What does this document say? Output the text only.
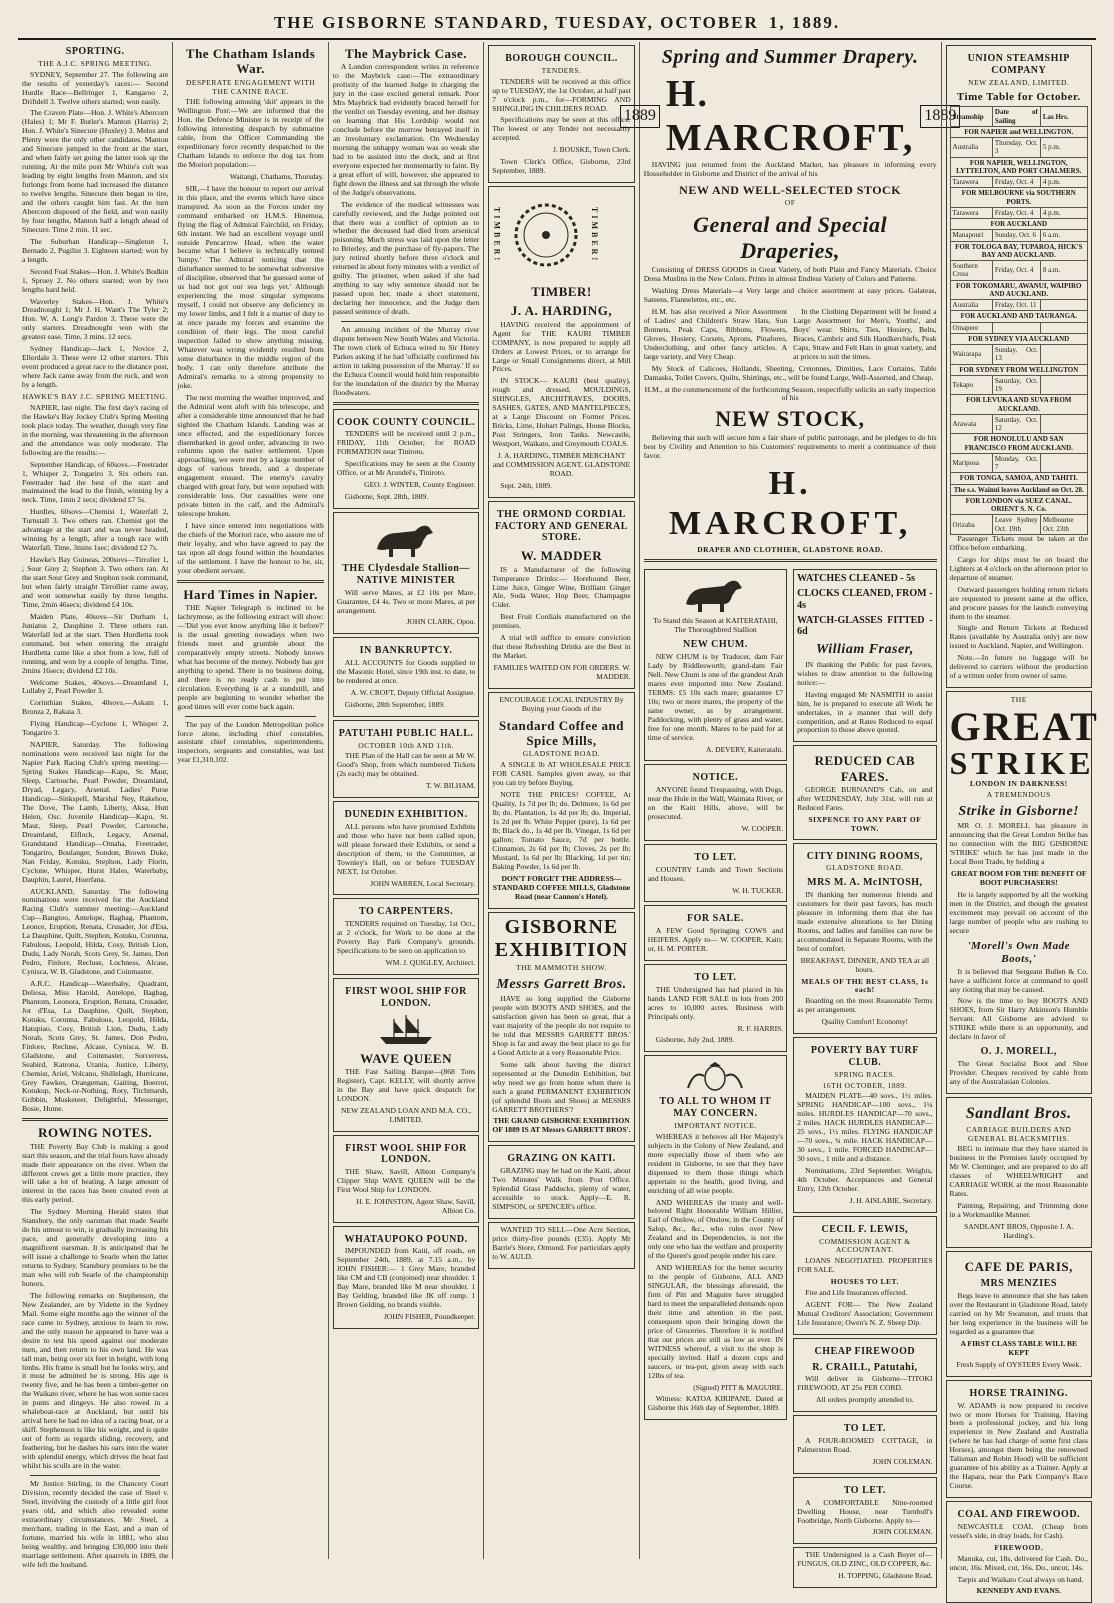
THE GISBORNE STANDARD, TUESDAY, OCTOBER 1, 1889.
SPORTING.
THE A.J.C. SPRING MEETING.

SYDNEY, September 27. The following are the results of yesterday's races:— Second Hurdle Race—Bellringer 1, Kangaroo 2, Driftdell 3. Twelve others started; won easily.

The Craven Plate—Hon. J. White's Abercorn (Hales) 1; Mr F. Butler's Manton (Harris) 2; Hon. J. White's Sinecure (Huxley) 3. Melos and Plenty were the only other candidates. Manton and Sinecure jumped to the front at the start, and when fairly set going the latter took up the running. At the mile post Mr White's colt was leading by eight lengths from Manton, and six furlongs from home had increased the distance to twelve lengths. Sinecure then began to tire, and the others caught him fast. At the turn Abercorn disposed of the field, and won easily by four lengths, Manton half a length ahead of Sinecure. Time 2 min. 11 sec.

The Suburban Handicap—Singleton 1, Bernado 2, Pugilist 3. Eighteen started; won by a length.

Second Foal Stakes—Hon. J. White's Bodkin 1, Spruey 2. No others started; won by two lengths hard held.

Waverley Stakes—Hon. J. White's Dreadnought 1; Mr J. H. Want's The Tyler 2; Hon. W. A. Long's Pardon 3. These were the only starters. Dreadnought won with the greatest ease. Time, 3 mins. 12 secs.

Sydney Handicap—Jack 1, Novice 2, Ellerdale 3. These were 12 other starters. This event produced a great race to the distance post, where Jack came away from the ruck, and won by a length.

HAWKE'S BAY J.C. SPRING MEETING.

NAPIER, last night. The first day's racing of the Hawke's Bay Jockey Club's Spring Meeting took place today. The weather, though very fine in the morning, was threatening in the afternoon and the attendance was only moderate. The following are the results:—

September Handicap, of 60sovs.—Freetrader 1, Whisper 2, Tongariro 3. Six others ran. Freetrader had the best of the start and maintained the lead to the finish, winning by a neck. Time, 1min 2 secs; dividend £7 5s.

Hurdles, 60sovs—Chemist 1, Waterfall 2, Turnstall 3. Two others ran. Chemist got the advantage at the start and was never headed, winning by a length, after a tough race with Waterfall. Time, 3mins 1sec; dividend £2 7s.

Hawke's Bay Guineas, 200sovs—Tirrolier 1, ; Sour Grey 2; Stephon 3. Two others ran. At the start Sour Grey and Stephon took command, but when fairly straight Tirrollier came away, and won somewhat easily by three lengths. Time, 2min 46secs; dividend £4 10s.

Maiden Plate, 40sovs—Sir Durham 1, Juniatus 2, Dauphine 3. Three others ran. Waterfall led at the start. Then Hurdletta took command, but when entering the straight Hurdletta came like a shot from a low, full of running, and won by a couple of lengths. Time, 2mins 16secs; dividend £2 10s.

Welcome Stakes, 40sovs.—Dreamland 1, Lullaby 2, Pearl Powder 3.

Corinthian Stakes, 40sovs.—Askam 1, Bronza 2, Rakaia 3.

Flying Handicap—Cyclone 1, Whisper 2, Tongariro 3.

NAPIER, Saturday. The following nominations were received last night for the Napier Park Racing Club's spring meeting:—Spring Stakes Handicap—Kapu, St. Maur, Sleep, Cartouche, Pearl Powder, Dreamland, Dryad, Legacy, Arsenal. Ladies' Purse Handicap—Sinkspell, Marshal Ney, Rakehou, The Dove, The Lamb, Liberty, Aksa, Hutt Helen, Osc. Juvenile Handicap—Kapu, St. Maur, Sleep, Pearl Powder, Cartouche, Dreamland, Elflock, Legacy, Arsenal, Grandstand Handicap—Omaha, Freetrader, Tongariro, Boulanger, Sondon, Brown Duke, Nan Friday, Kotuku, Stephon, Lady Florin, Cyclone, Whisper, Hurst Hales, Waterbaby, Dauphin, Laurel, Huerfana.

AUCKLAND, Saturday. The following nominations were received for the Auckland Racing Club's summer meeting:—Auckland Cup—Bangtoo, Antelope, Bagbag, Phantom, Leonce, Eruption, Renata, Crusader, Jot d'Esa, La Dauphine, Quilt, Stephon, Kotuku, Corunna, Fabulous, Leopold, Hilda, Cosy, British Lion, Dudu, Lady Norah, Scots Grey, St. James, Don Pedro, Finlore, Recluse, Lochness, Alcase, Cynisca, W. B. Gladstone, and Coinmaster.

A.R.C. Handicap—Waterbaby, Quadrant, Deliosa, Miss Harold, Antelope, Bagbag, Phantom, Leonora, Eruption, Renata, Crusader, Jot d'Esa, La Dauphine, Quilt, Stephon, Kotuku, Corunna, Fabulous, Leopold, Hilda, Hatupiao, Cosy, British Lion, Dudu, Lady Norah, Scots Grey, St. James, Don Pedro, Finlore, Recluse, Alcase, Cynisca, W. B. Gladstone, and Coinmaster, Sorcerress, Seabird, Katrona, Urania, Justice, Liberty, Chemist, Ariel, Volcano, Shillelagh, Hurricane, Grey Fawkes, Orangeman, Gaiting, Boerrot, Kotukup, Neck-or-Nothing, Rory, Titchmarsh, Gribbin, Musketeer, Delightful, Messenger, Bosie, Hume.

ROWING NOTES.

THE Poverty Bay Club is making a good start this season, and the trial fours have already made their appearance on the river. When the different crews get a little more practice, they will take a lot of beating. A large amount of interest in the races has been created even at this early period.

The Sydney Morning Herald states that Stansbury, the only oarsman that made Searle do his utmost to win, is gradually increasing his pace, and generally developing into a magnificent oarsman. It is anticipated that he will issue a challenge to Searle when the latter returns to Sydney. Stansbury promises to be the man who will rob Searle of the championship honors.

The following remarks on Stephenson, the New Zealander, are by Vidette in the Sydney Mail. Some eight months ago the winner of the race came to Sydney, anxious to learn to row, and the only reason he appeared to have was a desire to test his speed against our moderate men, and then return to his own land. He was tall man, being over six feet in height, with long limbs. His frame is small but he looks wiry, and it must be admitted he is strong. His age is twenty five, and he has been a timber-getter on the Waikato river, where he has won some races in punts and dingeys. He also rowed in a whaleboat-race at Auckland, but until his arrival here he had no idea of a racing boat, or a skiff. Stephenson is like his weight, and is quite out of form as regards sliding, recovery, and feathering, but he dashes his oars into the water with splendid energy, which drives the boat fast whilst his sculls are in the water.

Mr Justice Stirling, in the Chancery Court Division, recently decided the case of Steel v. Steel, involving the custody of a little girl four years old, and which also revealed some extraordinary circumstances. Mr Steel, a merchant, trading in the East, and a man of fortune, married his wife in 1881, who also being wealthy, and bringing £30,000 into their marriage settlement. After quarrels in 1889, the wife left the husband.

The Chatham Islands War.
DESPERATE ENGAGEMENT WITH THE CANINE RACE.

THE following amusing 'skit' appears in the Wellington Post:—We are informed that the Hon. the Defence Minister is in receipt of the following interesting despatch by submarine cable, from the Officer Commanding the expeditionary force recently despatched to the Chatham Islands to enforce the dog tax from the Moriori population:—

Waitangi, Chathams, Thursday.

SIR,—I have the honour to report our arrival in this place, and the events which have since transpired. As soon as the Forces under my command embarked on H.M.S. Hinemoa, flying the flag of Admiral Fairchild, on Friday, 6th instant. We had an excellent voyage until outside Pencarrow Head, when the water became what I believe is technically termed 'lumpy.' The Admiral noticing that the disturbance seemed to be somewhat subversive of discipline, observed that 'he guessed some of us had not got our sea legs yet.' Although experiencing the most singular symptoms myself, I could not observe any deficiency in my lower limbs, and I felt it a matter of duty to at once parade my forces and examine the condition of their legs. The most careful inspection failed to show anything missing. Whatever was wrong evidently resulted from some disturbance in the middle region of the body. I can only therefore attribute the Admiral's remarks to a strong propensity to joke.

The next morning the weather improved, and the Admiral went aloft with his telescope, and after a considerable time announced that he had sighted the Chatham Islands. Landing was at once effected, and the expeditionary forces disembarked in good order, advancing in two columns upon the native settlement. Upon approaching, we were met by a large number of dogs of various breeds, and a desperate engagement ensued. The enemy's cavalry charged with great fury, but were repulsed with considerable loss. Our casualties were one private bitten in the calf, and the Admiral's telescope broken.

I have since entered into negotiations with the chiefs of the Moriori race, who assure me of their loyalty, and who have agreed to pay the tax upon all dogs found within the boundaries of the settlement. I have the honour to be, sir, your obedient servant.

Hard Times in Napier.

THE Napier Telegraph is inclined to be lachrymose, as the following extract will show:—'Did you ever know anything like it before?' is the usual greeting nowadays when two friends meet and grumble about the comparatively empty streets. Nobody knows what has become of the money. Nobody has got anything to spend. There is no business doing, and there is no ready cash to put into circulation. Everything is at a standstill, and people are beginning to wonder whether the good times will ever come back again.

The pay of the London Metropolitan police force alone, including chief constables, assistant chief constables, superintendents, inspectors, sergeants and constables, was last year £1,310,102.

The Maybrick Case.

A London correspondent writes in reference to the Maybrick case:—The extraordinary prolixity of the learned Judge in charging the jury in the case excited general remark. Poor Mrs Maybrick had evidently braced herself for the verdict on Tuesday evening, and her dismay on learning that His Lordship would not conclude before the morrow betrayed itself in an involuntary exclamation. On Wednesday morning the unhappy woman was so weak she had to be assisted into the dock, and at first everyone expected her momentarily to faint. By a great effort of will, however, she appeared to fight down the illness and sat through the whole of the Judge's observations.

The evidence of the medical witnesses was carefully reviewed, and the Judge pointed out that there was a conflict of opinion as to whether the deceased had died from arsenical poisoning. Much stress was laid upon the letter to Brierley, and the purchase of fly-papers. The jury retired shortly before three o'clock and returned in about forty minutes with a verdict of guilty. The prisoner, when asked if she had anything to say why sentence should not be passed upon her, made a short statement, declaring her innocence, and the Judge then passed sentence of death.

An amusing incident of the Murray river dispute between New South Wales and Victoria. The town clerk of Echuca wired to Sir Henry Parkes asking if he had 'officially confirmed his action in taking possession of the Murray.' If so the Echuca Council would hold him responsible for the inundation of the district by the Murray floodwaters.

COOK COUNTY COUNCIL.

TENDERS will be received until 2 p.m., FRIDAY, 11th October, for ROAD FORMATION near Tiniroto.

Specifications may be seen at the County Office, or at Mr Arundel's, Tiniroto.

GEO. J. WINTER, County Engineer.

Gisborne, Sept. 28th, 1889.

THE Clydesdale Stallion—NATIVE MINISTER

Will serve Mares, at £2 10s per Mare. Guarantee, £4 4s. Two or more Mares, at per arrangement.

JOHN CLARK, Opou.

IN BANKRUPTCY.

ALL ACCOUNTS for Goods supplied to the Masonic Hotel, since 19th inst. to date, to be rendered at once.

A. W. CROFT, Deputy Official Assignee.

Gisborne, 28th September, 1889.

PATUTAHI PUBLIC HALL.
OCTOBER 10th AND 11th.

THE Plan of the Hall can be seen at Mr W. Good's Shop, from which numbered Tickets (2s each) may be obtained.

T. W. BILHAM.

DUNEDIN EXHIBITION.

ALL persons who have promised Exhibits and those who have not been called upon, will please forward their Exhibits, or send a description of them, to the Committee, at Townley's Hall, on or before TUESDAY NEXT, 1st October.

JOHN WARREN, Local Secretary.

TO CARPENTERS.

TENDERS required on Tuesday, 1st Oct., at 2 o'clock, for Work to be done at the Poverty Bay Park Company's grounds. Specifications to be seen on application to

WM. J. QUIGLEY, Architect.

FIRST WOOL SHIP FOR LONDON.
WAVE QUEEN

THE Fast Sailing Barque—(868 Tons Register), Capt. KELLY, will shortly arrive in the Bay and have quick despatch for LONDON.

NEW ZEALAND LOAN AND M.A. CO., LIMITED.

FIRST WOOL SHIP FOR LONDON.

THE Shaw, Savill, Albion Company's Clipper Ship WAVE QUEEN will be the First Wool Ship for LONDON.

H. E. JOHNSTON, Agent Shaw, Savill, Albion Co.

WHATAUPOKO POUND.

IMPOUNDED from Kaiti, off roads, on September 24th, 1889, at 7.15 a.m., by JOHN FISHER:— 1 Grey Mare, branded like CM and CB (conjoined) near shoulder. 1 Bay Mare, branded like M near shoulder. 1 Bay Gelding, branded like JK off rump. 1 Brown Gelding, no brands visible.

JOHN FISHER, Poundkeeper.

BOROUGH COUNCIL.
TENDERS.

TENDERS will be received at this office up to TUESDAY, the 1st October, at half past 7 o'clock p.m., for—FORMING AND SHINGLING IN CHILDERS ROAD.

Specifications may be seen at this office. The lowest or any Tender not necessarily accepted.

J. BOUSKE, Town Clerk.

Town Clerk's Office, Gisborne, 23rd September, 1889.

TIMBER!	TIMBER!
TIMBER!
J. A. HARDING,

HAVING received the appointment of Agent for THE KAURI TIMBER COMPANY, is now prepared to supply all Orders at Lowest Prices, or to arrange for Large or Small Consignments direct, at Mill Prices.

IN STOCK— KAURI (best quality), rough and dressed, MOULDINGS, SHINGLES, ARCHITRAVES, DOORS, SASHES, GATES, AND MANTELPIECES, at a Large Discount on Former Prices. Bricks, Lime, Hobart Palings, House Blocks, Post Stringers, Iron Tanks. Newcastle, Westport, Waikato, and Greymouth COALS.

J. A. HARDING, TIMBER MERCHANT and COMMISSION AGENT, GLADSTONE ROAD.

Sept. 24th, 1889.

THE ORMOND CORDIAL FACTORY AND GENERAL STORE.
W. MADDER

IS a Manufacturer of the following Temperance Drinks:— Horehound Beer, Lime Juice, Ginger Wine, Brilliant Ginger Ale, Soda Water, Hop Beer, Champagne Cider.

Best Fruit Cordials manufactured on the premises.

A trial will suffice to ensure conviction that these Refreshing Drinks are the Best in the Market.

FAMILIES WAITED ON FOR ORDERS. W. MADDER.

ENCOURAGE LOCAL INDUSTRY By Buying your Goods of the

Standard Coffee and Spice Mills,
GLADSTONE ROAD.

A SINGLE lb AT WHOLESALE PRICE FOR CASH. Samples given away, so that you can try before Buying.

NOTE THE PRICES! COFFEE, At Quality, 1s 7d per lb; do. Delmore, 1s 6d per lb; do. Plantation, 1s 4d per lb; do. Imperial, 1s 2d per lb. White Pepper (pure), 1s 6d per lb; Black do., 1s 4d per lb. Vinegar, 1s 6d per gallon; Tomato Sauce, 7d per bottle. Cinnamon, 2s 6d per lb; Cloves, 2s per lb; Mustard, 1s 6d per lb; Blacking, 1d per tin; Baking Powder, 1s 6d per lb.

DON'T FORGET THE ADDRESS— STANDARD COFFEE MILLS, Gladstone Road (near Cannon's Hotel).

GISBORNE EXHIBITION
THE MAMMOTH SHOW.
Messrs Garrett Bros.

HAVE so long supplied the Gisborne people with BOOTS AND SHOES, and the satisfaction given has been so great, that a vast majority of the people do not require to be told that MESSRS GARRETT BROS.' Shop is far and away the best place to go for a Good Article at a very Reasonable Price.

Some talk about having the district represented at the Dunedin Exhibition, but why need we go from home when there is such a grand PERMANENT EXHIBITION (of splendid Boots and Shoes) at MESSRS GARRETT BROTHERS'?

THE GRAND GISBORNE EXHIBITION OF 1889 IS AT Messrs GARRETT BROS'.

GRAZING ON KAITI.

GRAZING may be had on the Kaiti, about Two Minutes' Walk from Post Office. Splendid Grass Paddocks, plenty of water, accessible to stock. Apply—E. R. SIMPSON, or SPENCER's office.

WANTED TO SELL—One Acre Section, price thirty-five pounds (£35). Apply Mr Barrie's Store, Ormond. For particulars apply to W. AULD.

Spring and Summer Drapery.
1889
H. MARCROFT,
1889

HAVING just returned from the Auckland Market, has pleasure in informing every Householder in Gisborne and District of the arrival of his

NEW AND WELL-SELECTED STOCK
OF
General and Special Draperies,

Consisting of DRESS GOODS in Great Variety, of both Plain and Fancy Materials. Choice Dress Muslins in the New Colors. Prints in almost Endless Variety of Colors and Patterns.

Washing Dress Materials—a Very large and choice assortment at easy prices. Galateas, Sateens, Flannelettes, etc., etc.

H.M. has also received a Nice Assortment of Ladies' and Children's Straw Hats, Sun Bonnets, Peak Caps, Ribbons, Flowers, Gloves, Hosiery, Corsets, Aprons, Pinafores, Underclothing, and other fancy articles. A large variety, and Very Cheap.

In the Clothing Department will be found a Large Assortment for Men's, Youths', and Boys' wear. Shirts, Ties, Hosiery, Belts, Braces, Cambric and Silk Handkerchiefs, Peak Caps, Straw and Felt Hats in great variety, and at prices to suit the times.

My Stock of Calicoes, Hollands, Sheeting, Cretonnes, Dimities, Lace Curtains, Table Damasks, Toilet Covers, Quilts, Shirtings, etc., will be found Large, Well-Assorted, and Cheap.

H.M., at the commencement of the forthcoming Season, respectfully solicits an early inspection of his

NEW STOCK,

Believing that such will secure him a fair share of public patronage, and he pledges to do his best by Civility and Attention to his Customers' requirements to merit a continuance of their favor.

H. MARCROFT,
DRAPER AND CLOTHIER, GLADSTONE ROAD.

To Stand this Season at KAITERATAHI, The Thoroughbred Stallion

NEW CHUM.

NEW CHUM is by Traducer, dam Fair Lady by Riddlesworth; grand-dam Fair Nell. New Chum is one of the grandest Arab mares ever imported into New Zealand. TERMS: £5 10s each mare; guarantee £7 10s; two or more mares, the property of the same owner, as by arrangement. Paddocking, with plenty of grass and water, free for one month. Mares to be paid for at time of service.

A. DEVERY, Kaiteratahi.

NOTICE.

ANYONE found Trespassing, with Dogs, near the Hole in the Wall, Waimata River, or on the Kaiti Hills, above, will be prosecuted.

W. COOPER.

TO LET.

COUNTRY Lands and Town Sections and Houses.

W. H. TUCKER.

FOR SALE.

A FEW Good Springing COWS and HEIFERS. Apply to— W. COOPER, Kaiti; or, H. M. PORTER.

TO LET.

THE Undersigned has had placed in his hands LAND FOR SALE in lots from 200 acres to 10,000 acres. Business with Principals only.

R. F. HARRIS.

Gisborne, July 2nd, 1889.

TO ALL TO WHOM IT MAY CONCERN.
IMPORTANT NOTICE.

WHEREAS it behoves all Her Majesty's subjects in the Colony of New Zealand, and more especially those of them who are resident in Gisborne, to see that they have dispensed to them those things which appertain to the health, good living, and enriching of all wise people.

AND WHEREAS the trusty and well-beloved Right Honorable William Hillier, Earl of Onslow, of Onslow, in the County of Salop, &c., &c., who rules over New Zealand and its Dependencies, is not the only one who has the welfare and prosperity of the Queen's good people under his care.

AND WHEREAS for the better security to the people of Gisborne, ALL AND SINGULAR, the blessings aforesaid, the firm of Pitt and Maguire have struggled hard to meet the unparalleled demands upon their time and attention in the past, consequent upon their bringing down the price of Groceries. Therefore it is notified that our prices are still as low as ever. IN WITNESS whereof, a visit to the shop is specially invited. Half a dozen cups and saucers, or tea-pot, given away with each 12lbs of tea.

(Signed) PITT & MAGUIRE.

Witness: KATOA KIRIPANE. Dated at Gisborne this 16th day of September, 1889.

WATCHES CLEANED - 5s

CLOCKS CLEANED, FROM - 4s

WATCH-GLASSES FITTED - 6d

William Fraser,

IN thanking the Public for past favors, wishes to draw attention to the following notice:—

Having engaged Mr NASMITH to assist him, he is prepared to execute all Work he undertakes, in a manner that will defy competition, and at Rates Reduced to equal proportion to those above quoted.

REDUCED CAB FARES.

GEORGE BURNAND'S Cab, on and after WEDNESDAY, July 31st, will run at Reduced Fares.

SIXPENCE TO ANY PART OF TOWN.
CITY DINING ROOMS,
GLADSTONE ROAD.
MRS M. A. McINTOSH,

IN thanking her numerous friends and customers for their past favors, has much pleasure in informing them that she has made extensive alterations to her Dining Rooms, and ladies and families can now be accommodated in Separate Rooms, with the best of comfort.

BREAKFAST, DINNER, AND TEA at all hours.

MEALS OF THE BEST CLASS, 1s each!

Boarding on the most Reasonable Terms as per arrangement.

Quality Comfort! Economy!

POVERTY BAY TURF CLUB.
SPRING RACES.
16TH OCTOBER, 1889.

MAIDEN PLATE—40 sovs., 1½ miles. SPRING HANDICAP—100 sovs., 1¼ miles. HURDLES HANDICAP—70 sovs., 2 miles. HACK HURDLES HANDICAP—25 sovs., 1½ miles. FLYING HANDICAP—70 sovs., ¾ mile. HACK HANDICAP—30 sovs., 1 mile. FORCED HANDICAP—30 sovs., 1 mile and a distance.

Nominations, 23rd September. Weights, 4th October. Acceptances and General Entry, 12th October.

J. H. AISLABIE, Secretary.

CECIL F. LEWIS,
COMMISSION AGENT & ACCOUNTANT.

LOANS NEGOTIATED. PROPERTIES FOR SALE.

HOUSES TO LET.

Fire and Life Insurances effected.

AGENT FOR— The New Zealand Mutual Creditors' Association; Government Life Insurance; Owen's N. Z. Sheep Dip.

CHEAP FIREWOOD
R. CRAILL, Patutahi,

Will deliver in Gisborne—TITOKI FIREWOOD, AT 25s PER CORD.

All orders promptly attended to.

TO LET.

A FOUR-ROOMED COTTAGE, in Palmerston Road.

JOHN COLEMAN.

TO LET.

A COMFORTABLE Nine-roomed Dwelling House, near Turnbull's Footbridge, North Gisborne. Apply to—

JOHN COLEMAN.

THE Undersigned is a Cash Buyer of— FUNGUS, OLD ZINC, OLD COPPER, &c.

H. TOPPING, Gladstone Road.

UNION STEAMSHIP COMPANY
NEW ZEALAND, LIMITED.
Time Table for October.
Steamship	Date of Sailing	Las Hrs.
FOR NAPIER and WELLINGTON.		
Australia	Thursday, Oct. 3	5 p.m.
FOR NAPIER, WELLINGTON, LYTTELTON, AND PORT CHALMERS.		
Tarawera	Friday, Oct. 4	4 p.m.
FOR MELBOURNE via SOUTHERN PORTS.		
Tarawera	Friday, Oct. 4	4 p.m.
FOR AUCKLAND		
Manapouri	Sunday, Oct. 6	6 a.m.
FOR TOLOGA BAY, TUPAROA, HICK'S BAY AND AUCKLAND.		
Southern Cross	Friday, Oct. 4	8 a.m.
FOR TOKOMARU, AWANUI, WAIPIRO AND AUCKLAND.		
Australia	Friday, Oct. 11	
FOR AUCKLAND AND TAURANGA.		
Omapere		
FOR SYDNEY VIA AUCKLAND		
Wairarapa	Sunday, Oct. 13	
FOR SYDNEY FROM WELLINGTON		
Tekapo	Saturday, Oct. 19	
FOR LEVUKA AND SUVA FROM AUCKLAND.		
Arawata	Saturday, Oct. 12	
FOR HONOLULU AND SAN FRANCISCO FROM AUCKLAND.		
Mariposa	Monday, Oct. 7	
FOR TONGA, SAMOA, AND TAHITI.		
The s.s. Wainui leaves Auckland on Oct. 28.		
FOR LONDON via SUEZ CANAL. ORIENT S. N. Co.		
Orizaba	Leave Sydney Oct. 19th	Melbourne Oct. 23th

Passenger Tickets must be taken at the Office before embarking.

Cargo for ships must be on board the Lighters at 4 o'clock on the afternoon prior to departure of steamer.

Outward passengers holding return tickets are requested to present same at the office, and procure passes for the launch conveying them to the steamer.

Single and Return Tickets at Reduced Rates (available by Australia only) are now issued to Auckland, Napier, and Wellington.

Note.—In future no luggage will be delivered to carriers without the production of a written order from owner of same.

THE
GREAT
STRIKE
LONDON IN DARKNESS!
A TREMENDOUS
Strike in Gisborne!

MR O. J. MORELL has pleasure in announcing that the Great London Strike has no connection with the BIG GISBORNE 'STRIKE' which he has just made in the Local Boot Trade, by holding a

GREAT BOOM FOR THE BENEFIT OF BOOT PURCHASERS!

He is largely supported by all the working men in the District, and though the greatest excitement may prevail on account of the large number of people who are rushing to secure

'Morell's Own Made Boots,'

It is believed that Sergeant Bullen & Co. have a sufficient force at command to quell any rioting that may be caused.

Now is the time to buy BOOTS AND SHOES, from Sir Harry Atkinson's Humble Servant. All Gisborne are advised to STRIKE while there is an opportunity, and declare in favor of

O. J. MORELL,

The Great Socialist Boot and Shoe Provider. Cheques received by cable from any of the Australasian Colonies.

Sandlant Bros.
CARRIAGE BUILDERS AND GENERAL BLACKSMITHS.

BEG to intimate that they have started in business in the Premises lately occupied by Mr W. Cleminger, and are prepared to do all classes of WHEELWRIGHT and CARRIAGE WORK at the most Reasonable Rates.

Painting, Repairing, and Trimming done in a Workmanlike Manner.

SANDLANT BROS, Opposite J. A. Harding's.

CAFE DE PARIS,
MRS MENZIES

Begs leave to announce that she has taken over the Restaurant in Gladstone Road, lately carried on by Mr Swanston, and trusts that her long experience in the business will be regarded as a guarantee that

A FIRST CLASS TABLE WILL BE KEPT

Fresh Supply of OYSTERS Every Week.

HORSE TRAINING.

W. ADAMS is now prepared to receive two or more Horses for Training. Having been a professional jockey, and his long experience in New Zealand and Australia (where he has had charge of some first class Horses), amongst them being the renowned Talisman and Robin Hood) will be sufficient guarantee of his ability as a Trainer. Apply at the Hapara, near the Park Company's Race Course.

COAL AND FIREWOOD.

NEWCASTLE COAL (Cheap from vessel's side, in dray loads, for Cash).

FIREWOOD.

Manuka, cut, 18s, delivered for Cash. Do., uncut, 16s. Mixed, cut, 16s. Do., uncut, 14s.

Tarpis and Waikato Coal always on hand.

KENNEDY AND EVANS.
